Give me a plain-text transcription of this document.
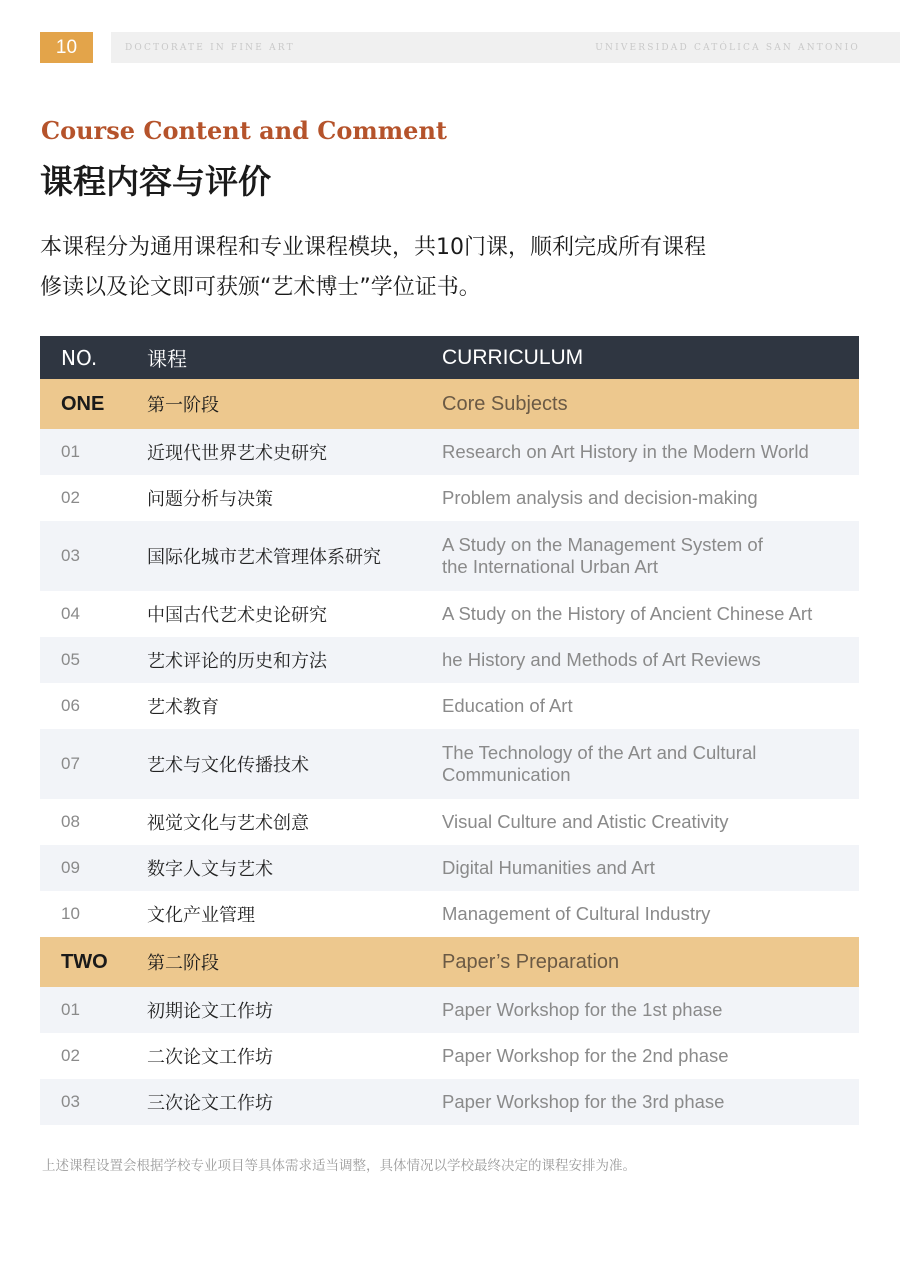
10	DOCTORATE IN FINE ART	UNIVERSIDAD CATÓLICA SAN ANTONIO
Course Content and Comment
课程内容与评价
本课程分为通用课程和专业课程模块，共10门课，顺利完成所有课程
修读以及论文即可获颁“艺术博士”学位证书。
NO.	课程	CURRICULUM
ONE	第一阶段	Core Subjects
01	近现代世界艺术史研究	Research on Art History in the Modern World
02	问题分析与决策	Problem analysis and decision-making
03	国际化城市艺术管理体系研究
A Study on the Management System of
the International Urban Art
04	中国古代艺术史论研究	A Study on the History of Ancient Chinese Art
05	艺术评论的历史和方法	he History and Methods of Art Reviews
06	艺术教育	Education of Art
07	艺术与文化传播技术
The Technology of the Art and Cultural
Communication
08	视觉文化与艺术创意	Visual Culture and Atistic Creativity
09	数字人文与艺术	Digital Humanities and Art
10	文化产业管理	Management of Cultural Industry
TWO	第二阶段	Paper’s Preparation
01	初期论文工作坊	Paper Workshop for the 1st phase
02	二次论文工作坊	Paper Workshop for the 2nd phase
03	三次论文工作坊	Paper Workshop for the 3rd phase
上述课程设置会根据学校专业项目等具体需求适当调整，具体情况以学校最终决定的课程安排为准。
